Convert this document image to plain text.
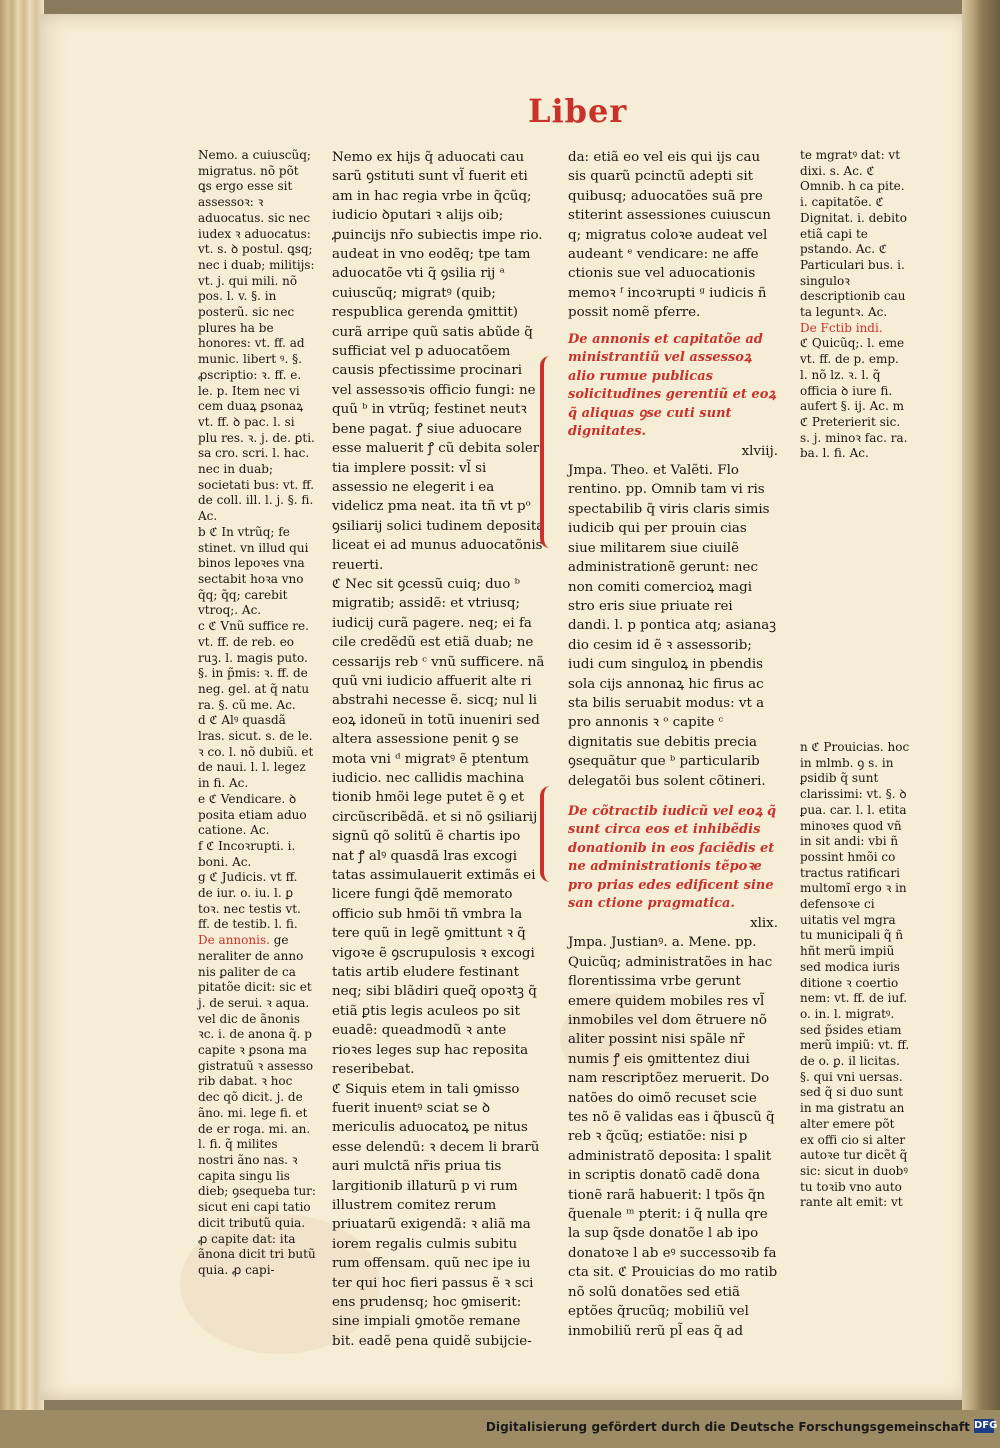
Liber

Nemo. a cuiuscũq; migratus. nõ põt ꝗs ergo esse sit assessoꝛ: ꝛ aduocatus. sic nec iudex ꝛ aduocatus: vt. s. ꝺ postul. ꝗsq; nec i duab; militijs: vt. j. qui mili. nõ pos. l. v. §. in posterũ. sic nec plures ha be honores: vt. ff. ad munic. libert ꝰ. §. ꝓscriptio: ꝛ. ff. e. le. p. Item nec vi cem duaꝝ ꝑsonaꝝ vt. ff. ꝺ pac. l. si plu res. ꝛ. j. de. ꝑti. sa cro. scri. l. hac. nec in duab; societati bus: vt. ff. de coll. ill. l. j. §. fi. Ac.

b ℭ In vtrũq; fe stinet. vn illud qui binos lepoꝛes vna sectabit hoꝛa vno q̃q; q̃q; carebit vtroq;. Ac.

c ℭ Vnũ suffice re. vt. ff. de reb. eo ruꝫ. l. magis puto. §. in p̃mis: ꝛ. ff. de neg. gel. at q̃ natu ra. §. cũ me. Ac.

d ℭ Alꝰ quasdã lras. sicut. s. de le. ꝛ co. l. nõ dubiũ. et de naui. l. l. legez in fi. Ac.

e ℭ Vendicare. ꝺ posita etiam aduo catione. Ac.

f ℭ Incoꝛrupti. i. boni. Ac.

g ℭ Judicis. vt ff. de iur. o. iu. l. ꝑ toꝛ. nec testis vt. ff. de testib. l. fi.

De annonis. ge neraliter de anno nis ꝑaliter de ca pitatõe dicit: sic et j. de serui. ꝛ aqua. vel dic de ãnonis ꝛc. i. de anona q̃. p capite ꝛ ꝑsona ma gistratuũ ꝛ assesso rib dabat. ꝛ hoc dec qõ dicit. j. de ãno. mi. lege fi. et de er roga. mi. an. l. fi. q̃ milites nostri ãno nas. ꝛ capita singu lis dieb; ꝯsequeba tur: sicut eni capi tatio dicit tributũ quia. ꝓ capite dat: ita ãnona dicit tri butũ quia. ꝓ capi-

Nemo ex hijs q̃ aduocati cau sarũ ꝯstituti sunt vl̃ fuerit eti am in hac regia vrbe in q̃cũq; iudicio ꝺputari ꝛ alijs oib; ꝓuincijs nr̃o subiectis impe rio. audeat in vno eodẽq; tpe tam aduocatõe vti q̃ ꝯsilia rij ᵃ cuiuscũq; migratꝰ (quib; respublica gerenda ꝯmittit) curã arripe quũ satis abũde q̃ sufficiat vel p aduocatõem causis pfectissime procinari vel assessoꝛis officio fungi: ne quũ ᵇ in vtrũq; festinet neutꝛ bene pagat. ꝭ siue aduocare esse maluerit ꝭ cũ debita soler tia implere possit: vl̃ si assessio ne elegerit i ea videlicz pma neat. ita tñ vt pᵒ ꝯsiliarij solici tudinem deposita liceat ei ad munus aduocatõnis reuerti.

ℭ Nec sit ꝯcessũ cuiq; duo ᵇ migratib; assidẽ: et vtriusq; iudicij curã pagere. neq; ei fa cile credẽdũ est etiã duab; ne cessarijs reb ᶜ vnũ sufficere. nã quũ vni iudicio affuerit alte ri abstrahi necesse ẽ. sicq; nul li eoꝝ idoneũ in totũ inueniri sed altera assessione penit ꝯ se mota vni ᵈ migratꝰ ẽ ptentum iudicio. nec callidis machina tionib hmõi lege putet ẽ ꝯ et circũscribẽdã. et si nõ ꝯsiliarij signũ qõ solitũ ẽ chartis ipo nat ꝭ alꝰ quasdã lras excogi tatas assimulauerit extimãs ei licere fungi q̃dẽ memorato officio sub hmõi tñ vmbra la tere quũ in legẽ ꝯmittunt ꝛ q̃ vigoꝛe ẽ ꝯscrupulosis ꝛ excogi tatis artib eludere festinant neq; sibi blãdiri queq̃ opoꝛtꝫ q̃ etiã ꝑtis legis aculeos po sit euadẽ: queadmodũ ꝛ ante rioꝛes leges sup hac reposita reseribebat.

ℭ Siquis etem in tali ꝯmisso fuerit inuentꝰ sciat se ꝺ mericulis aduocatoꝝ pe nitus esse delendũ: ꝛ decem li brarũ auri mulctã nr̃is priua tis largitionib illaturũ p vi rum illustrem comitez rerum priuatarũ exigendã: ꝛ aliã ma iorem regalis culmis subitu rum offensam. quũ nec ipe iu ter qui hoc fieri passus ẽ ꝛ sci ens prudensq; hoc ꝯmiserit: sine impiali ꝯmotõe remane bit. eadẽ pena quidẽ subijcie-

da: etiã eo vel eis qui ijs cau sis quarũ pcinctũ adepti sit quibusq; aduocatões suã pre stiterint assessiones cuiuscun q; migratus coloꝛe audeat vel audeant ᵉ vendicare: ne affe ctionis sue vel aduocationis memoꝛ ᶠ incoꝛrupti ᵍ iudicis ñ possit nomẽ pferre.

De annonis et capitatõe ad ministrantiũ vel assessoꝝ alio rumue publicas solicitudines gerentiũ et eoꝝ q̃ aliquas ꝯse cuti sunt dignitates.

xlviij.

Jmpa. Theo. et Valẽti. Flo rentino. pp. Omnib tam vi ris spectabilib q̃ viris claris simis iudicib qui per prouin cias siue militarem siue ciuilẽ administrationẽ gerunt: nec non comiti comercioꝝ magi stro eris siue priuate rei dandi. l. p pontica atq; asianaꝫ dio cesim id ẽ ꝛ assessorib; iudi cum singuloꝝ in pbendis sola cijs annonaꝝ hic firus ac sta bilis seruabit modus: vt a pro annonis ꝛ ᵒ capite ᶜ dignitatis sue debitis precia ꝯsequãtur que ᵇ particularib delegatõi bus solent cõtineri.

De cõtractib iudicũ vel eoꝝ q̃ sunt circa eos et inhibẽdis donationib in eos faciẽdis et ne administrationis tẽpoꝛe pro prias edes edificent sine san ctione pragmatica.

xlix.

Jmpa. Justianꝰ. a. Mene. pp. Quicũq; administratões in hac florentissima vrbe gerunt emere quidem mobiles res vl̃ inmobiles vel dom ẽtruere nõ aliter possint nisi spãle nr̃ numis ꝭ eis ꝯmittentez diui nam rescriptõez meruerit. Do natões do oimõ recuset scie tes nõ ẽ validas eas i q̃buscũ q̃ reb ꝛ q̃cũq; estiatõe: nisi p administratõ deposita: l spalit in scriptis donatõ cadẽ dona tionẽ rarã habuerit: l tpõs q̃n q̃uenale ᵐ pterit: i q̃ nulla qre la sup q̃sde donatõe l ab ipo donatoꝛe l ab eꝰ successoꝛib fa cta sit. ℭ Prouicias do mo ratib nõ solũ donatões sed etiã eptões q̃rucũq; mobiliũ vel inmobiliũ rerũ pl̃ eas q̃ ad

te mgratꝰ dat: vt dixi. s. Ac. ℭ Omnib. h ca pite. i. capitatõe. ℭ Dignitat. i. debito etiã capi te pstando. Ac. ℭ Particulari bus. i. singuloꝛ descriptionib cau ta leguntꝛ. Ac.

De Fctib indi.

ℭ Quicũq;. l. eme vt. ff. de p. emp. l. nõ lz. ꝛ. l. q̃ officia ꝺ iure fi. aufert §. ij. Ac. m ℭ Preterierit sic. s. j. minoꝛ fac. ra. ba. l. fi. Ac.

n ℭ Prouicias. hoc in mlmb. ꝯ s. in ꝑsidib q̃ sunt clarissimi: vt. §. ꝺ ꝑua. car. l. l. etita minoꝛes quod vñ in sit andi: vbi ñ possint hmõi co tractus ratificari multomĩ ergo ꝛ in defensoꝛe ci uitatis vel mgra tu municipali q̃ ñ hñt merũ impiũ sed modica iuris ditione ꝛ coertio nem: vt. ff. de iuf. o. in. l. migratꝰ. sed p̃sides etiam merũ impiũ: vt. ff. de o. ꝑ. il licitas. §. qui vni uersas. sed q̃ si duo sunt in ma gistratu an alter emere põt ex offi cio si alter autoꝛe tur dicẽt q̃ sic: sicut in duobꝰ tu toꝛib vno auto rante alt emit: vt

Digitalisierung gefördert durch die Deutsche Forschungsgemeinschaft DFG
